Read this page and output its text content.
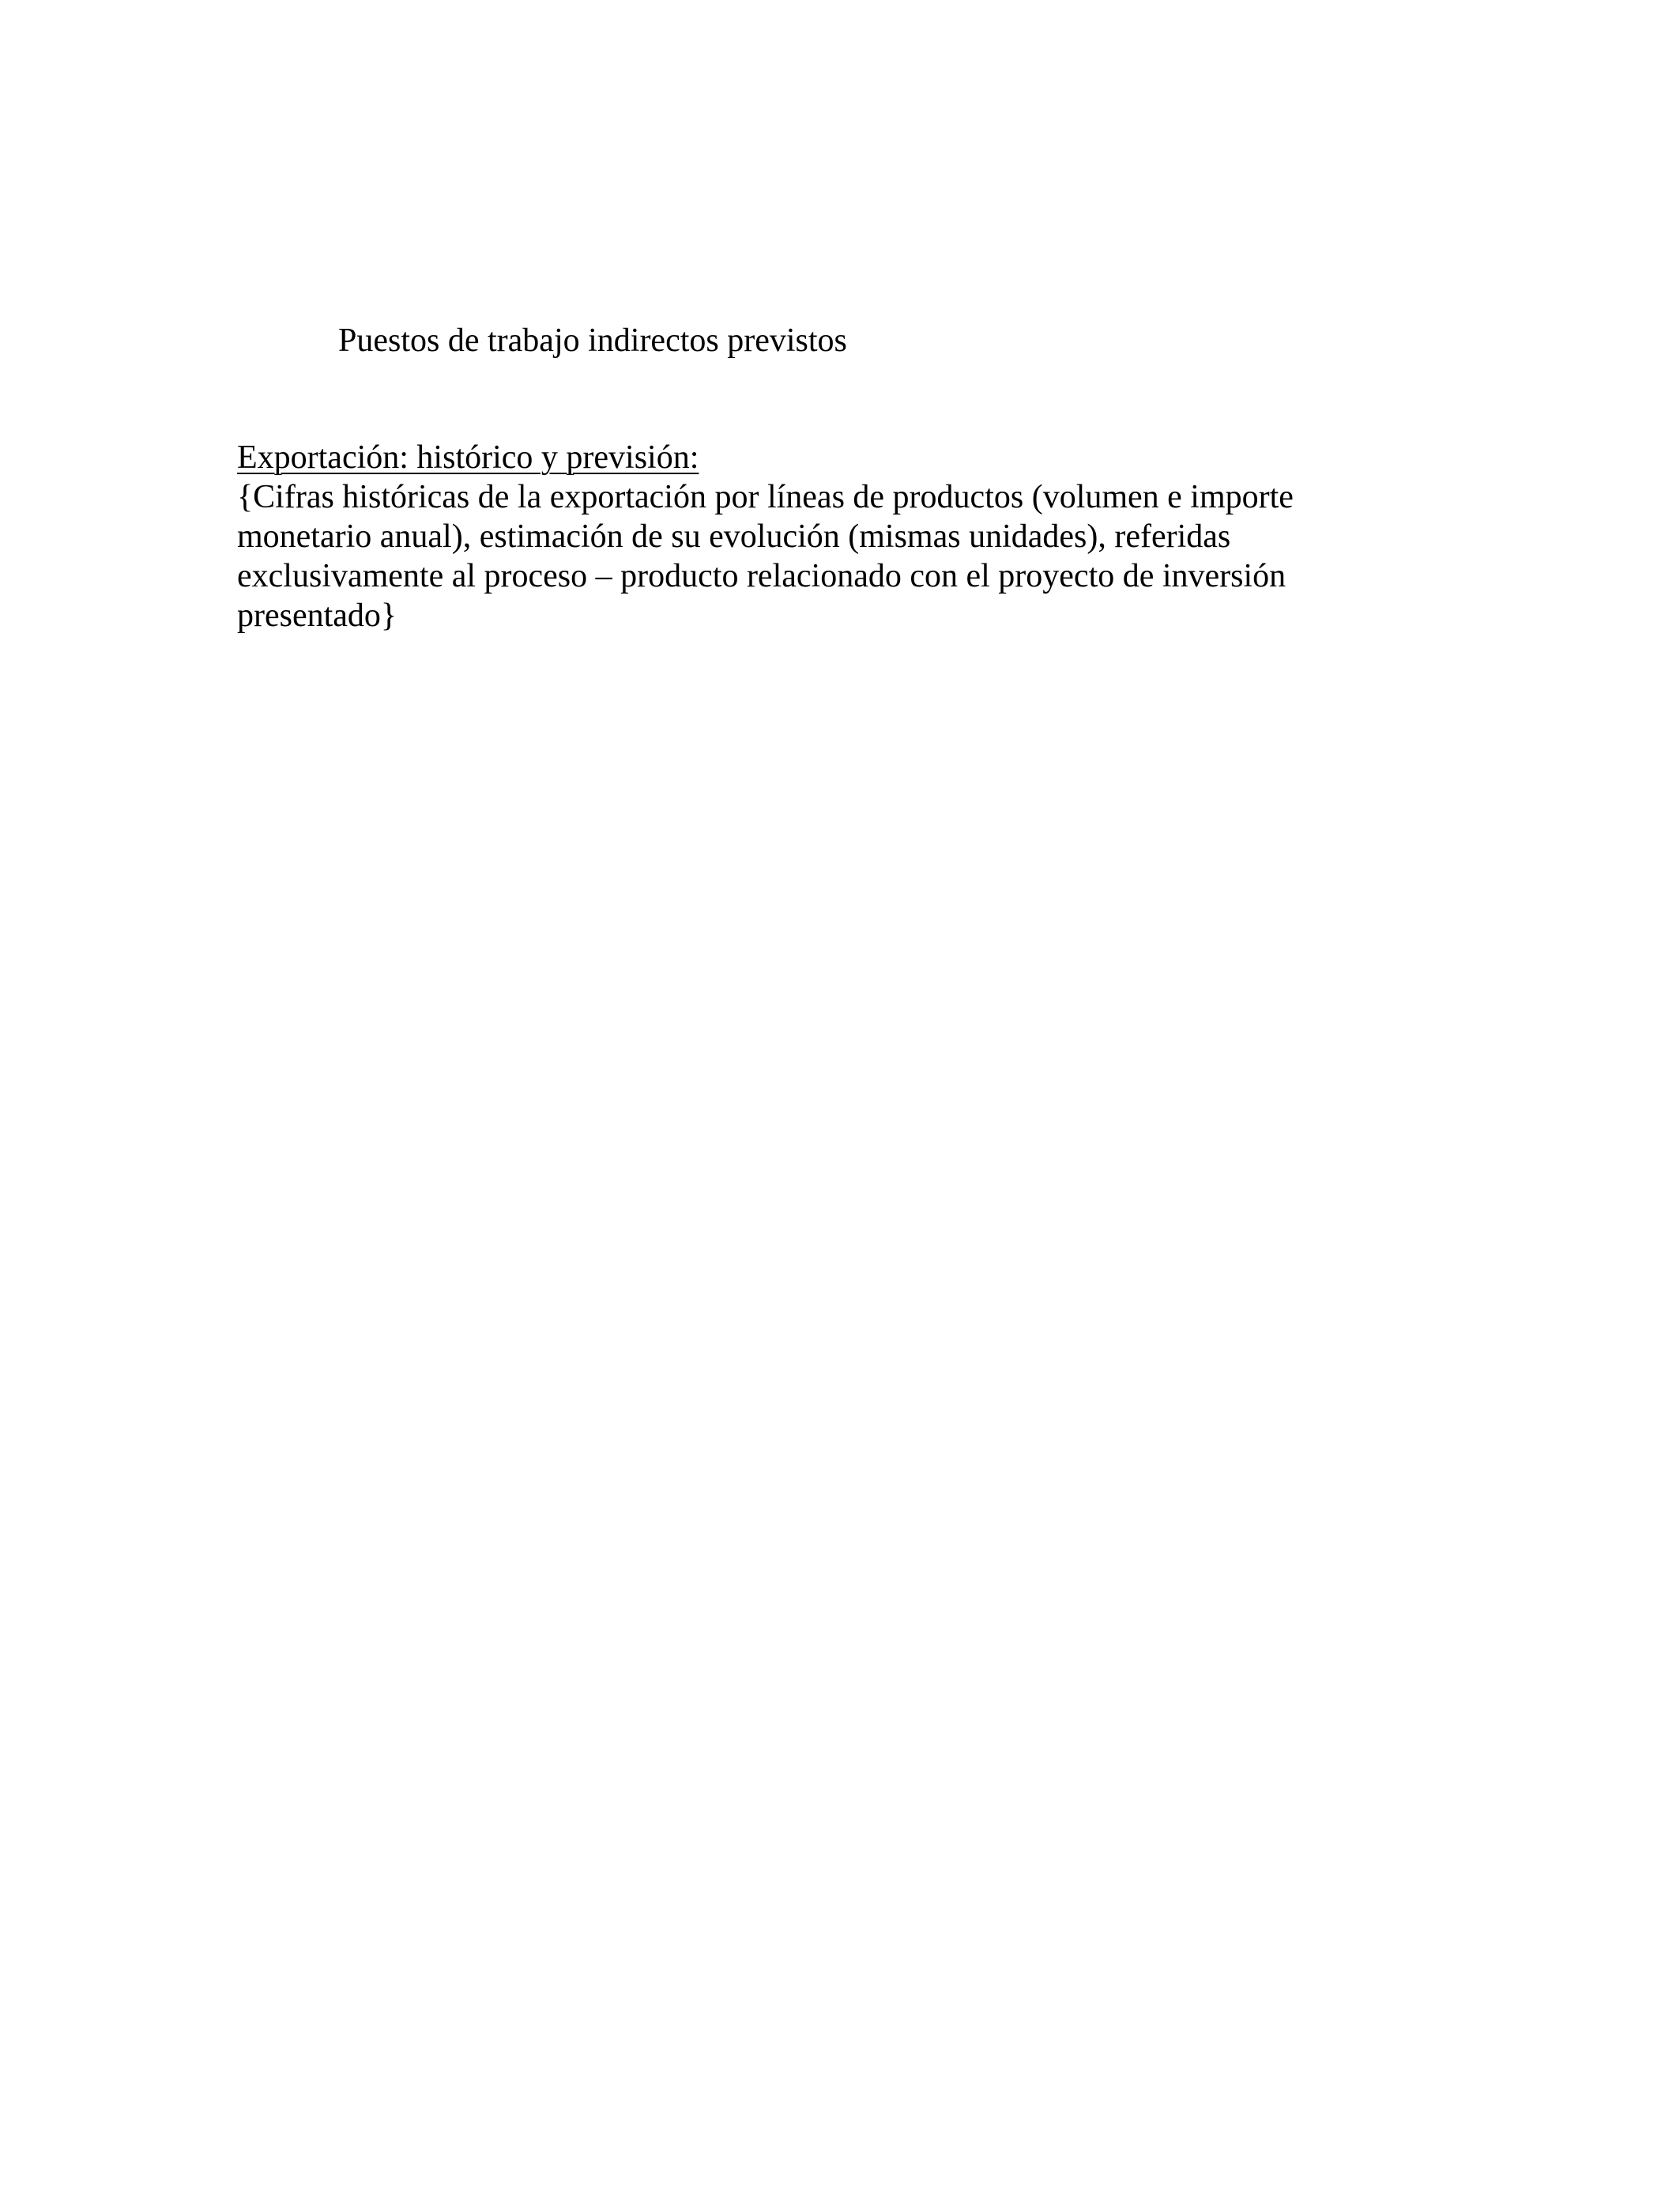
Puestos de trabajo indirectos previstos

Exportación: histórico y previsión:

{Cifras históricas de la exportación por líneas de productos (volumen e importe monetario anual), estimación de su evolución (mismas unidades), referidas exclusivamente al proceso – producto relacionado con el proyecto de inversión presentado}
